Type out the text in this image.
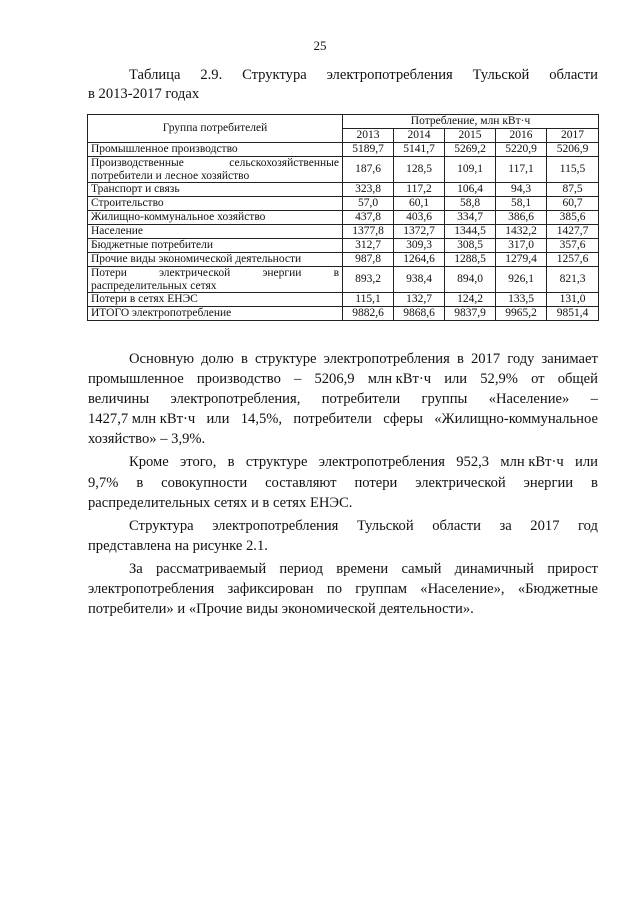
25
Таблица 2.9. Структура электропотребления Тульской области
в 2013-2017 годах
Группа потребителей	Потребление, млн кВт·ч				
	2013	2014	2015	2016	2017

Промышленное производство	5189,7	5141,7	5269,2	5220,9	5206,9

Производственные сельскохозяйственные
потребители и лесное хозяйство	187,6	128,5	109,1	117,1	115,5

Транспорт и связь	323,8	117,2	106,4	94,3	87,5

Строительство	57,0	60,1	58,8	58,1	60,7

Жилищно-коммунальное хозяйство	437,8	403,6	334,7	386,6	385,6

Население	1377,8	1372,7	1344,5	1432,2	1427,7

Бюджетные потребители	312,7	309,3	308,5	317,0	357,6

Прочие виды экономической деятельности	987,8	1264,6	1288,5	1279,4	1257,6

Потери электрической энергии в
распределительных сетях	893,2	938,4	894,0	926,1	821,3

Потери в сетях ЕНЭС	115,1	132,7	124,2	133,5	131,0

ИТОГО электропотребление	9882,6	9868,6	9837,9	9965,2	9851,4
Основную долю в структуре электропотребления в 2017 году занимает
промышленное производство – 5206,9 млн кВт·ч или 52,9% от общей
величины электропотребления, потребители группы «Население» –
1427,7 млн кВт·ч или 14,5%, потребители сферы «Жилищно-коммунальное
хозяйство» – 3,9%.
Кроме этого, в структуре электропотребления 952,3 млн кВт·ч или
9,7% в совокупности составляют потери электрической энергии в
распределительных сетях и в сетях ЕНЭС.
Структура электропотребления Тульской области за 2017 год
представлена на рисунке 2.1.
За рассматриваемый период времени самый динамичный прирост
электропотребления зафиксирован по группам «Население», «Бюджетные
потребители» и «Прочие виды экономической деятельности».
